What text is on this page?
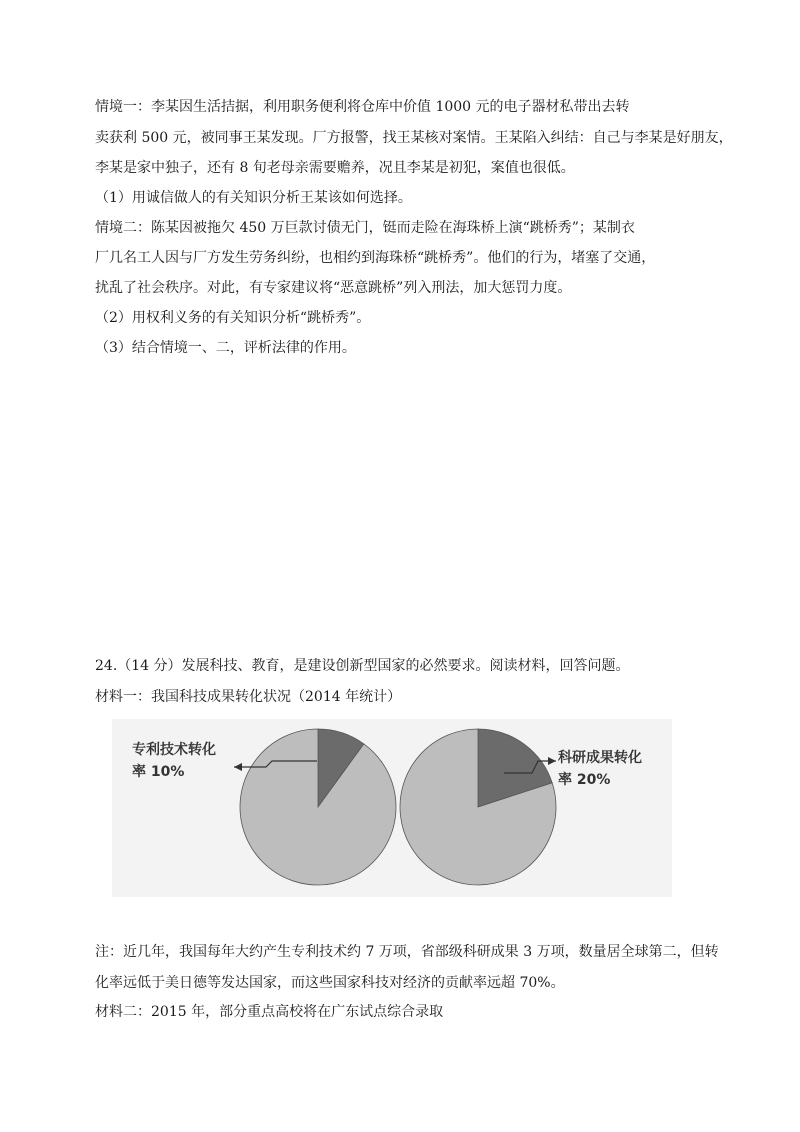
情境一：李某因生活拮据，利用职务便利将仓库中价值 1000 元的电子器材私带出去转
卖获利 500 元，被同事王某发现。厂方报警，找王某核对案情。王某陷入纠结：自己与李某是好朋友，
李某是家中独子，还有 8 旬老母亲需要赡养，况且李某是初犯，案值也很低。
（1）用诚信做人的有关知识分析王某该如何选择。
情境二：陈某因被拖欠 450 万巨款讨债无门，铤而走险在海珠桥上演“跳桥秀”；某制衣
厂几名工人因与厂方发生劳务纠纷，也相约到海珠桥“跳桥秀”。他们的行为，堵塞了交通，
扰乱了社会秩序。对此，有专家建议将“恶意跳桥”列入刑法，加大惩罚力度。
（2）用权利义务的有关知识分析“跳桥秀”。
（3）结合情境一、二，评析法律的作用。
24.（14 分）发展科技、教育，是建设创新型国家的必然要求。阅读材料，回答问题。
材料一：我国科技成果转化状况（2014 年统计）
专利技术转化
率 10%
科研成果转化
率 20%
注：近几年，我国每年大约产生专利技术约 7 万项，省部级科研成果 3 万项，数量居全球第二，但转
化率远低于美日德等发达国家，而这些国家科技对经济的贡献率远超 70%。
材料二：2015 年，部分重点高校将在广东试点综合录取
